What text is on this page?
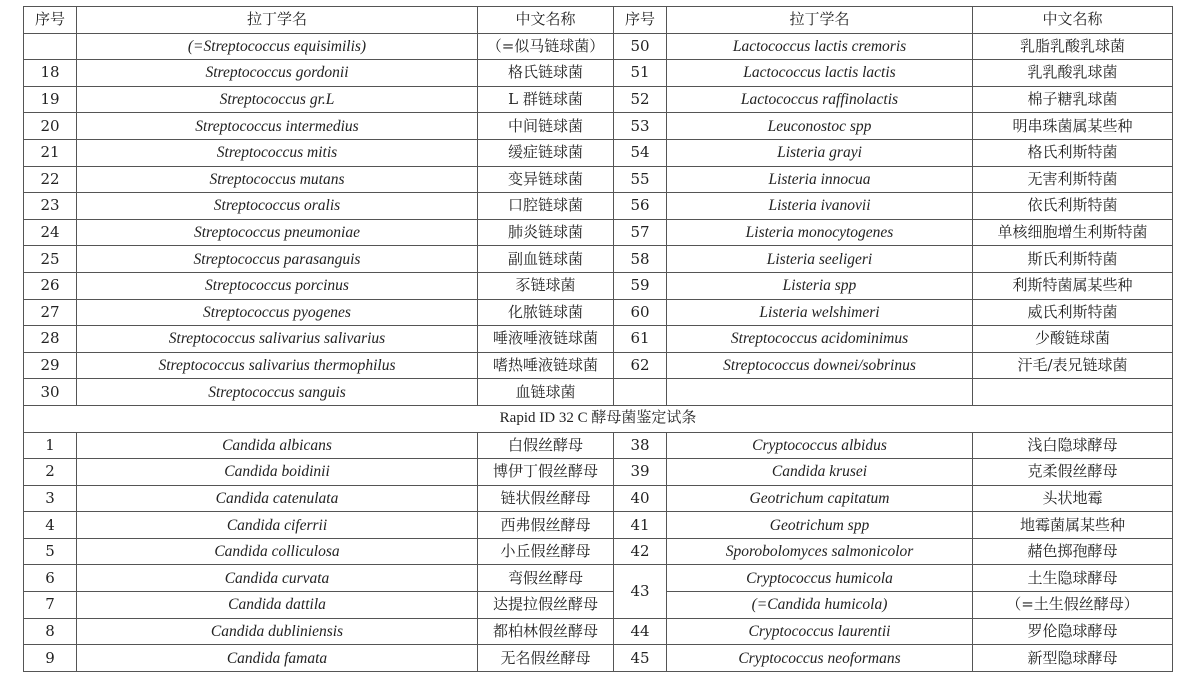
序号	拉丁学名	中文名称	序号	拉丁学名	中文名称
	(=Streptococcus equisimilis)	（=似马链球菌）	50	Lactococcus lactis cremoris	乳脂乳酸乳球菌
18	Streptococcus gordonii	格氏链球菌	51	Lactococcus lactis lactis	乳乳酸乳球菌
19	Streptococcus gr.L	L 群链球菌	52	Lactococcus raffinolactis	棉子糖乳球菌
20	Streptococcus intermedius	中间链球菌	53	Leuconostoc spp	明串珠菌属某些种
21	Streptococcus mitis	缓症链球菌	54	Listeria grayi	格氏利斯特菌
22	Streptococcus mutans	变异链球菌	55	Listeria innocua	无害利斯特菌
23	Streptococcus oralis	口腔链球菌	56	Listeria ivanovii	依氏利斯特菌
24	Streptococcus pneumoniae	肺炎链球菌	57	Listeria monocytogenes	单核细胞增生利斯特菌
25	Streptococcus parasanguis	副血链球菌	58	Listeria seeligeri	斯氏利斯特菌
26	Streptococcus porcinus	豕链球菌	59	Listeria spp	利斯特菌属某些种
27	Streptococcus pyogenes	化脓链球菌	60	Listeria welshimeri	威氏利斯特菌
28	Streptococcus salivarius salivarius	唾液唾液链球菌	61	Streptococcus acidominimus	少酸链球菌
29	Streptococcus salivarius thermophilus	嗜热唾液链球菌	62	Streptococcus downei/sobrinus	汗毛/表兄链球菌
30	Streptococcus sanguis	血链球菌			
Rapid ID 32 C 酵母菌鉴定试条					
1	Candida albicans	白假丝酵母	38	Cryptococcus albidus	浅白隐球酵母
2	Candida boidinii	博伊丁假丝酵母	39	Candida krusei	克柔假丝酵母
3	Candida catenulata	链状假丝酵母	40	Geotrichum capitatum	头状地霉
4	Candida ciferrii	西弗假丝酵母	41	Geotrichum spp	地霉菌属某些种
5	Candida colliculosa	小丘假丝酵母	42	Sporobolomyces salmonicolor	赭色掷孢酵母
6	Candida curvata	弯假丝酵母	43	Cryptococcus humicola	土生隐球酵母
7	Candida dattila	达提拉假丝酵母		(=Candida humicola)	（=土生假丝酵母）
8	Candida dubliniensis	都柏林假丝酵母	44	Cryptococcus laurentii	罗伦隐球酵母
9	Candida famata	无名假丝酵母	45	Cryptococcus neoformans	新型隐球酵母
